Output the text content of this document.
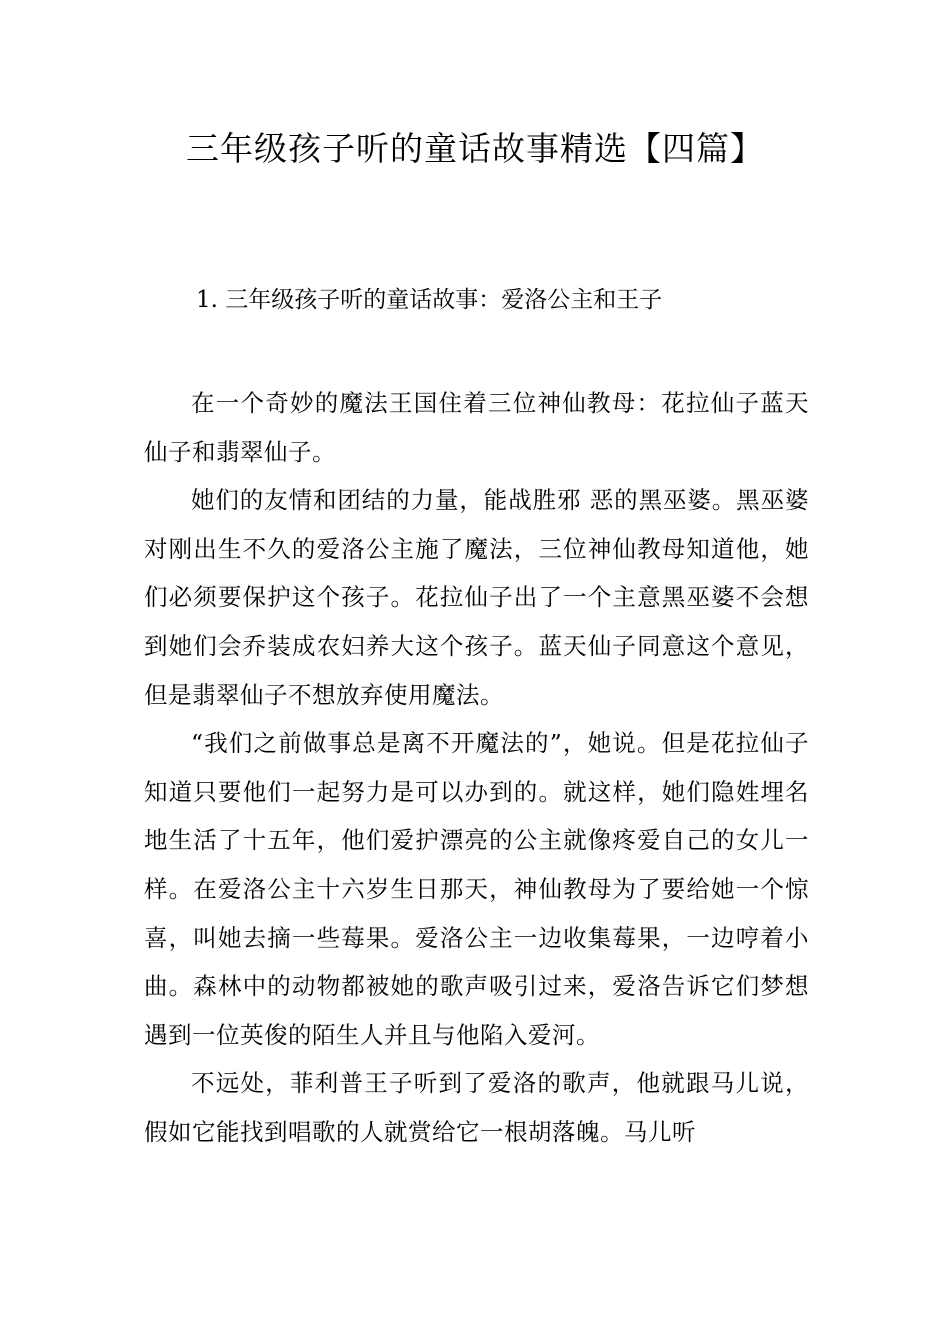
三年级孩子听的童话故事精选【四篇】

1. 三年级孩子听的童话故事：爱洛公主和王子

在一个奇妙的魔法王国住着三位神仙教母：花拉仙子蓝天仙子和翡翠仙子。

她们的友情和团结的力量，能战胜邪 恶的黑巫婆。黑巫婆对刚出生不久的爱洛公主施了魔法，三位神仙教母知道他，她们必须要保护这个孩子。花拉仙子出了一个主意黑巫婆不会想到她们会乔装成农妇养大这个孩子。蓝天仙子同意这个意见，但是翡翠仙子不想放弃使用魔法。

“我们之前做事总是离不开魔法的”，她说。但是花拉仙子知道只要他们一起努力是可以办到的。就这样，她们隐姓埋名地生活了十五年，他们爱护漂亮的公主就像疼爱自己的女儿一样。在爱洛公主十六岁生日那天，神仙教母为了要给她一个惊喜，叫她去摘一些莓果。爱洛公主一边收集莓果，一边哼着小曲。森林中的动物都被她的歌声吸引过来，爱洛告诉它们梦想遇到一位英俊的陌生人并且与他陷入爱河。

不远处，菲利普王子听到了爱洛的歌声，他就跟马儿说，假如它能找到唱歌的人就赏给它一根胡落魄。马儿听
